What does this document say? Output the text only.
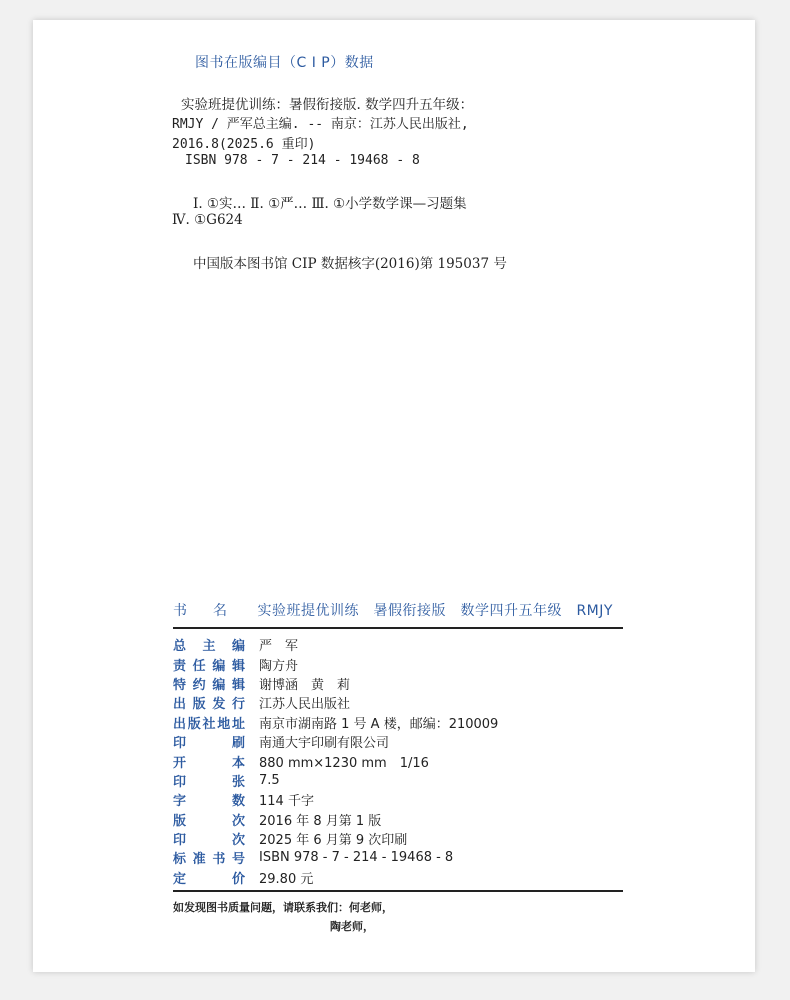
图书在版编目（C I P）数据
实验班提优训练：暑假衔接版. 数学四升五年级：
RMJY / 严军总主编. -- 南京：江苏人民出版社,
2016.8(2025.6 重印)
ISBN 978 - 7 - 214 - 19468 - 8
Ⅰ. ①实… Ⅱ. ①严… Ⅲ. ①小学数学课—习题集
Ⅳ. ①G624
中国版本图书馆 CIP 数据核字(2016)第 195037 号
书名 实验班提优训练　暑假衔接版　数学四升五年级　RMJY
总 主 编 严　军
责 任 编 辑 陶方舟
特 约 编 辑 谢博涵　黄　莉
出 版 发 行 江苏人民出版社
出 版 社 地 址 南京市湖南路 1 号 A 楼，邮编：210009
印	刷 南通大宇印刷有限公司
开	本 880 mm×1230 mm　1/16
印	张 7.5
字	数 114 千字
版	次 2016 年 8 月第 1 版
印	次 2025 年 6 月第 9 次印刷
标 准 书 号 ISBN 978 - 7 - 214 - 19468 - 8
定	价 29.80 元
如发现图书质量问题，请联系我们：何老师，
陶老师，
